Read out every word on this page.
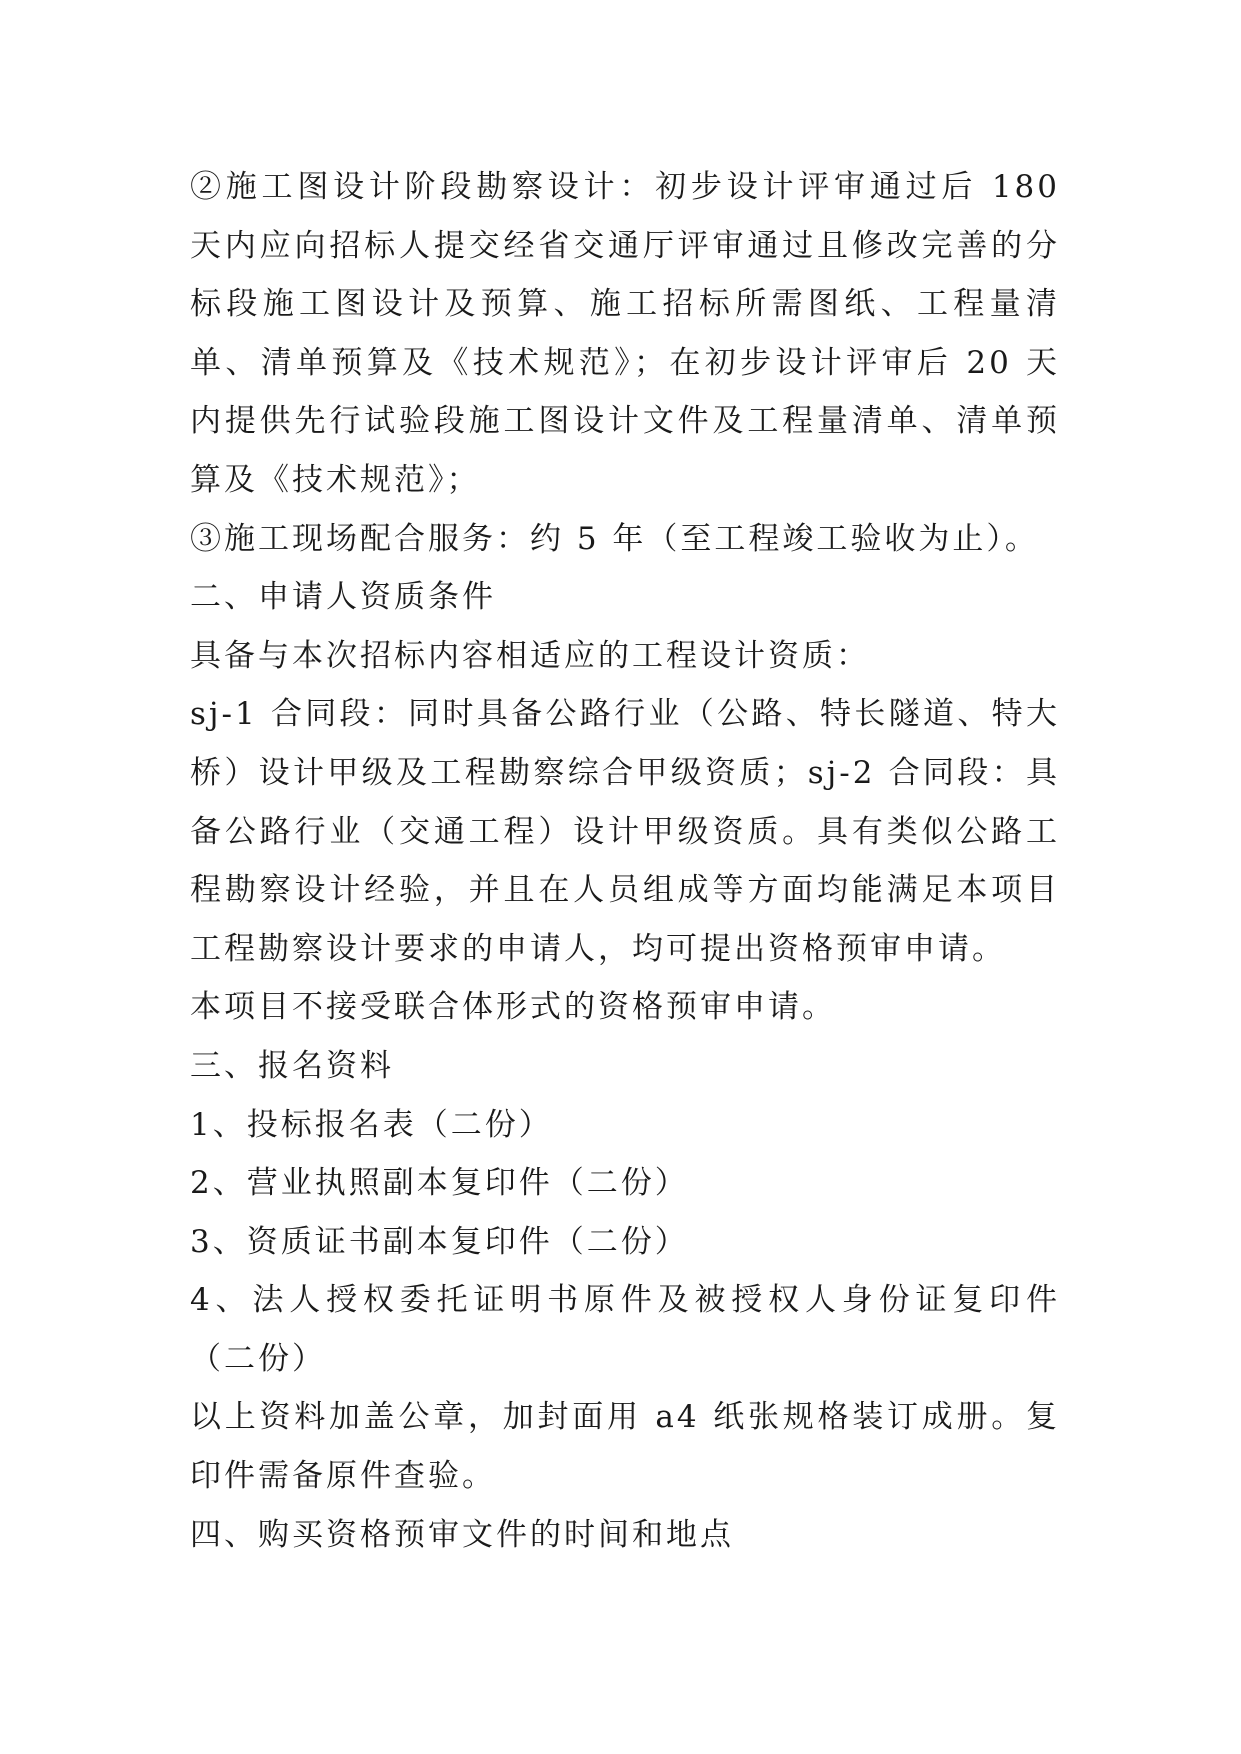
②施工图设计阶段勘察设计：初步设计评审通过后 180 天内应向招标人提交经省交通厅评审通过且修改完善的分标段施工图设计及预算、施工招标所需图纸、工程量清单、清单预算及《技术规范》；在初步设计评审后 20 天内提供先行试验段施工图设计文件及工程量清单、清单预算及《技术规范》；

③施工现场配合服务：约 5 年（至工程竣工验收为止）。

二、申请人资质条件

具备与本次招标内容相适应的工程设计资质：

sj-1 合同段：同时具备公路行业（公路、特长隧道、特大桥）设计甲级及工程勘察综合甲级资质；sj-2 合同段：具备公路行业（交通工程）设计甲级资质。具有类似公路工程勘察设计经验，并且在人员组成等方面均能满足本项目工程勘察设计要求的申请人，均可提出资格预审申请。

本项目不接受联合体形式的资格预审申请。

三、报名资料

1、投标报名表（二份）

2、营业执照副本复印件（二份）

3、资质证书副本复印件（二份）

4、法人授权委托证明书原件及被授权人身份证复印件（二份）

以上资料加盖公章，加封面用 a4 纸张规格装订成册。复印件需备原件查验。

四、购买资格预审文件的时间和地点
